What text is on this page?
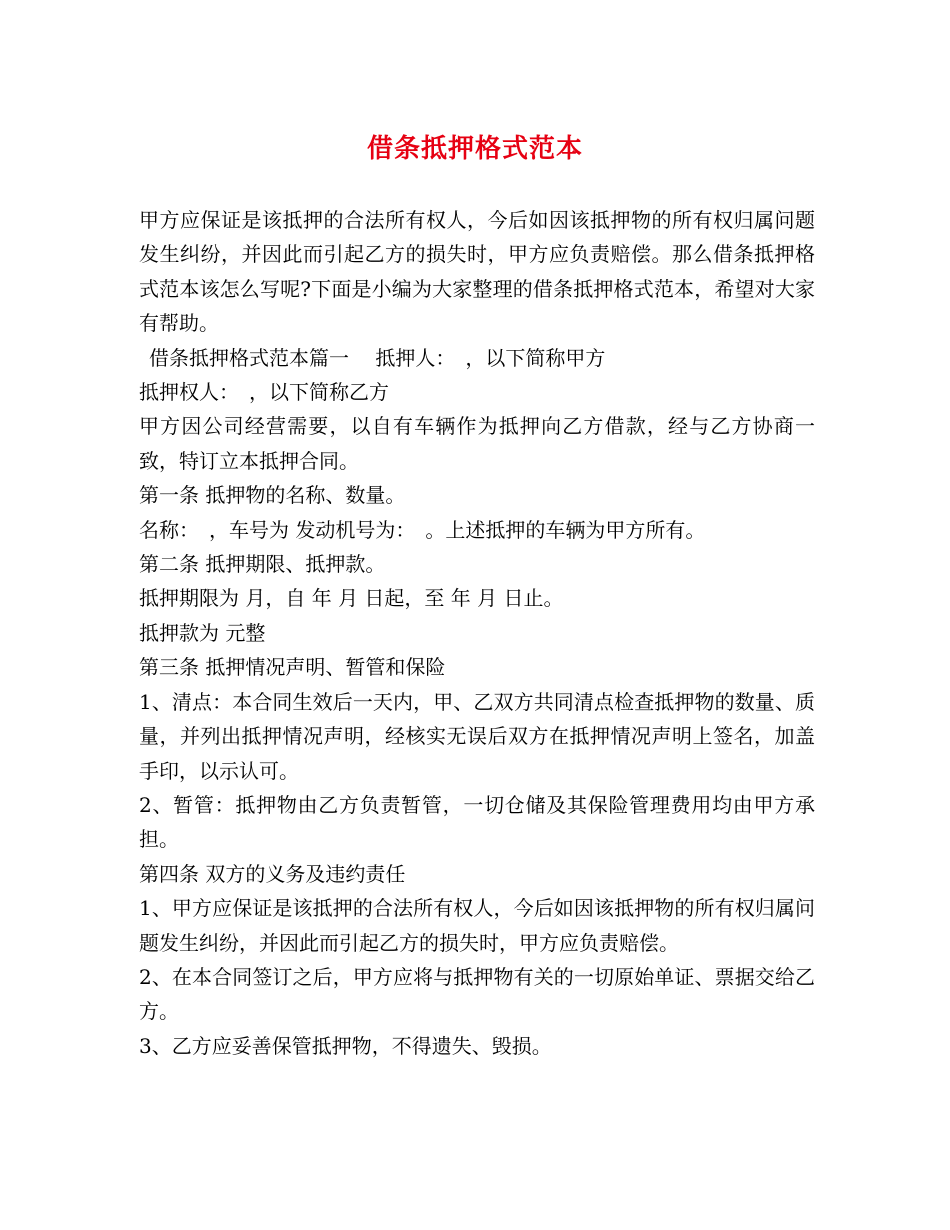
借条抵押格式范本

甲方应保证是该抵押的合法所有权人，今后如因该抵押物的所有权归属问题发生纠纷，并因此而引起乙方的损失时，甲方应负责赔偿。那么借条抵押格式范本该怎么写呢?下面是小编为大家整理的借条抵押格式范本，希望对大家有帮助。

借条抵押格式范本篇一　 抵押人：　，以下简称甲方

抵押权人：　，以下简称乙方

甲方因公司经营需要，以自有车辆作为抵押向乙方借款，经与乙方协商一致，特订立本抵押合同。

第一条 抵押物的名称、数量。

名称：　，车号为 发动机号为：　。上述抵押的车辆为甲方所有。

第二条 抵押期限、抵押款。

抵押期限为 月，自 年 月 日起，至 年 月 日止。

抵押款为 元整

第三条 抵押情况声明、暂管和保险

1、清点：本合同生效后一天内，甲、乙双方共同清点检查抵押物的数量、质量，并列出抵押情况声明，经核实无误后双方在抵押情况声明上签名，加盖手印，以示认可。

2、暂管：抵押物由乙方负责暂管，一切仓储及其保险管理费用均由甲方承担。

第四条 双方的义务及违约责任

1、甲方应保证是该抵押的合法所有权人，今后如因该抵押物的所有权归属问题发生纠纷，并因此而引起乙方的损失时，甲方应负责赔偿。

2、在本合同签订之后，甲方应将与抵押物有关的一切原始单证、票据交给乙方。

3、乙方应妥善保管抵押物，不得遗失、毁损。
